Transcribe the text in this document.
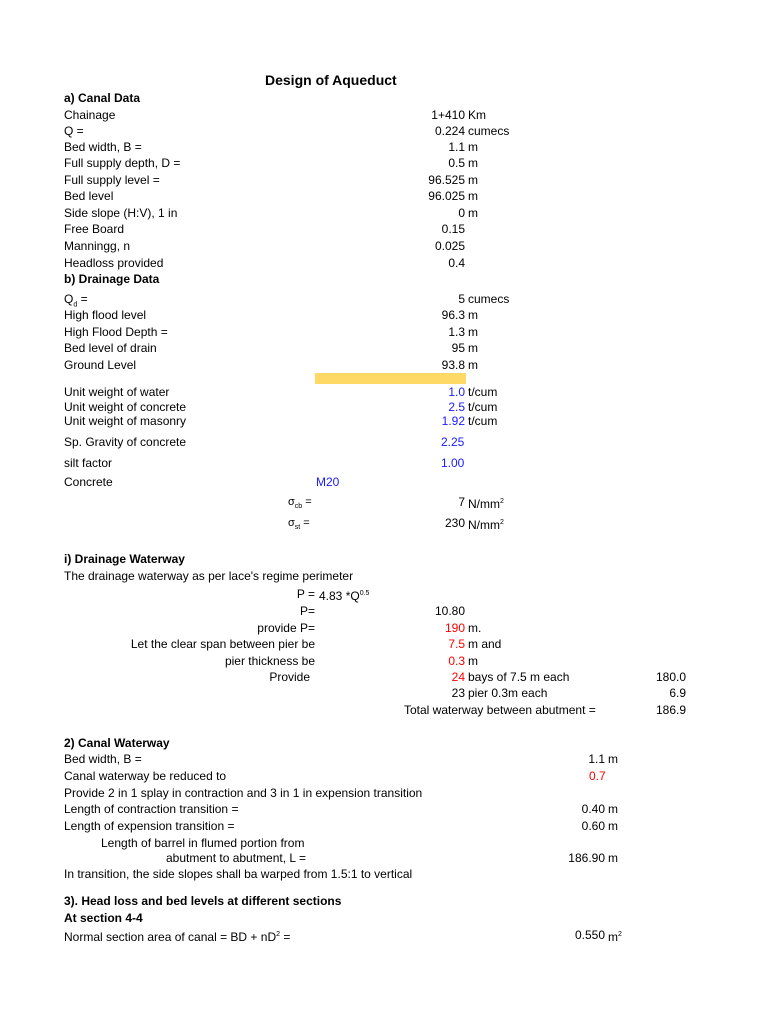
Design of Aqueduct
a) Canal Data
Chainage	1+410 Km
Q =	0.224 cumecs
Bed width, B =	1.1 m
Full supply depth, D =	0.5 m
Full supply level =	96.525 m
Bed level	96.025 m
Side slope (H:V), 1 in	0 m
Free Board	0.15
Manningg, n	0.025
Headloss provided	0.4
b) Drainage Data
$Q_d$ =	5 cumecs
High flood level	96.3 m
High Flood Depth =	1.3 m
Bed level of drain	95 m
Ground Level	93.8 m
Unit weight of water	1.0 t/cum
Unit weight of concrete	2.5 t/cum
Unit weight of masonry	1.92 t/cum
Sp. Gravity of concrete	2.25
silt factor	1.00
Concrete	M20
$\sigma_{cb}$ =	7 $N/mm^2$
$\sigma_{st}$ =	230 $N/mm^2$
i) Drainage Waterway
The drainage waterway as per lace's regime perimeter
P = 4.83 $*Q^{0.5}$
P=	10.80
provide P=	190 m.
Let the clear span between pier be	7.5 m and
pier thickness be	0.3 m
Provide	24 bays of 7.5 m each	180.0
23 pier 0.3m each	6.9
Total waterway between abutment =	186.9
2) Canal Waterway
Bed width, B =	1.1 m
Canal waterway be reduced to	0.7
Provide 2 in 1 splay in contraction and 3 in 1 in expension transition
Length of contraction transition =	0.40 m
Length of expension transition =	0.60 m
Length of barrel in flumed portion from
abutment to abutment, L =	186.90 m
In transition, the side slopes shall ba warped from 1.5:1 to vertical
3). Head loss and bed levels at different sections
At section 4-4
Normal section area of canal = BD + $nD^2$ =	0.550 $m^2$
